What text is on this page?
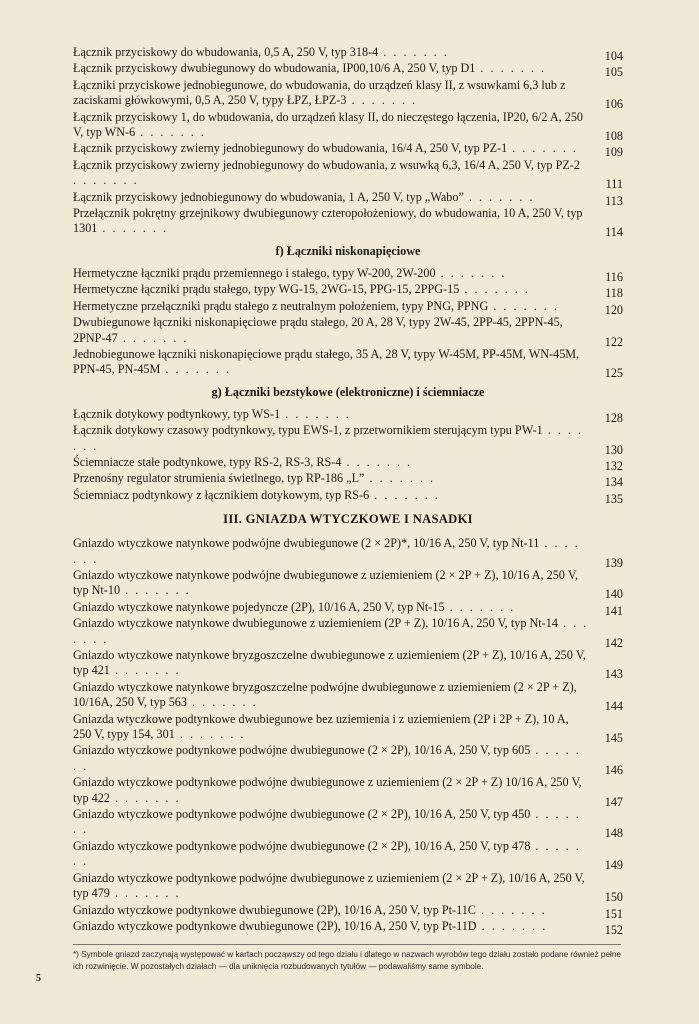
Łącznik przyciskowy do wbudowania, 0,5 A, 250 V, typ 318-4 . . . . . . .	104
Łącznik przyciskowy dwubiegunowy do wbudowania, IP00,10/6 A, 250 V, typ D1 . . . . . . .	105
Łączniki przyciskowe jednobiegunowe, do wbudowania, do urządzeń klasy II, z wsuwkami 6,3 lub z zaciskami główkowymi, 0,5 A, 250 V, typy ŁPZ, ŁPZ-3 . . . . . . .	106
Łącznik przyciskowy 1, do wbudowania, do urządzeń klasy II, do nieczęstego łączenia, IP20, 6/2 A, 250 V, typ WN-6 . . . . . . .	108
Łącznik przyciskowy zwierny jednobiegunowy do wbudowania, 16/4 A, 250 V, typ PZ-1 . . . . . . .	109
Łącznik przyciskowy zwierny jednobiegunowy do wbudowania, z wsuwką 6,3, 16/4 A, 250 V, typ PZ-2 . . . . . . .	111
Łącznik przyciskowy jednobiegunowy do wbudowania, 1 A, 250 V, typ „Wabo” . . . . . . .	113
Przełącznik pokrętny grzejnikowy dwubiegunowy czteropołożeniowy, do wbudowania, 10 A, 250 V, typ 1301 . . . . . . .	114
f) Łączniki niskonapięciowe
Hermetyczne łączniki prądu przemiennego i stałego, typy W-200, 2W-200 . . . . . . .	116
Hermetyczne łączniki prądu stałego, typy WG-15, 2WG-15, PPG-15, 2PPG-15 . . . . . . .	118
Hermetyczne przełączniki prądu stałego z neutralnym położeniem, typy PNG, PPNG . . . . . . .	120
Dwubiegunowe łączniki niskonapięciowe prądu stałego, 20 A, 28 V, typy 2W-45, 2PP-45, 2PPN-45, 2PNP-47 . . . . . . .	122
Jednobiegunowe łączniki niskonapięciowe prądu stałego, 35 A, 28 V, typy W-45M, PP-45M, WN-45M, PPN-45, PN-45M . . . . . . .	125
g) Łączniki bezstykowe (elektroniczne) i ściemniacze
Łącznik dotykowy podtynkowy, typ WS-1 . . . . . . .	128
Łącznik dotykowy czasowy podtynkowy, typu EWS-1, z przetwornikiem sterującym typu PW-1 . . . . . . .	130
Ściemniacze stałe podtynkowe, typy RS-2, RS-3, RS-4 . . . . . . .	132
Przenośny regulator strumienia świetlnego, typ RP-186 „L” . . . . . . .	134
Ściemniacz podtynkowy z łącznikiem dotykowym, typ RS-6 . . . . . . .	135
III. GNIAZDA WTYCZKOWE I NASADKI
Gniazdo wtyczkowe natynkowe podwójne dwubiegunowe (2 × 2P)*, 10/16 A, 250 V, typ Nt-11 . . . . . . .	139
Gniazdo wtyczkowe natynkowe podwójne dwubiegunowe z uziemieniem (2 × 2P + Z), 10/16 A, 250 V, typ Nt-10 . . . . . . .	140
Gniazdo wtyczkowe natynkowe pojedyncze (2P), 10/16 A, 250 V, typ Nt-15 . . . . . . .	141
Gniazdo wtyczkowe natynkowe dwubiegunowe z uziemieniem (2P + Z), 10/16 A, 250 V, typ Nt-14 . . . . . . .	142
Gniazdo wtyczkowe natynkowe bryzgoszczelne dwubiegunowe z uziemieniem (2P + Z), 10/16 A, 250 V, typ 421 . . . . . . .	143
Gniazdo wtyczkowe natynkowe bryzgoszczelne podwójne dwubiegunowe z uziemieniem (2 × 2P + Z), 10/16A, 250 V, typ 563 . . . . . . .	144
Gniazda wtyczkowe podtynkowe dwubiegunowe bez uziemienia i z uziemieniem (2P i 2P + Z), 10 A, 250 V, typy 154, 301 . . . . . . .	145
Gniazdo wtyczkowe podtynkowe podwójne dwubiegunowe (2 × 2P), 10/16 A, 250 V, typ 605 . . . . . . .	146
Gniazdo wtyczkowe podtynkowe podwójne dwubiegunowe z uziemieniem (2 × 2P + Z) 10/16 A, 250 V, typ 422 . . . . . . .	147
Gniazdo wtyczkowe podtynkowe podwójne dwubiegunowe (2 × 2P), 10/16 A, 250 V, typ 450 . . . . . . .	148
Gniazdo wtyczkowe podtynkowe podwójne dwubiegunowe (2 × 2P), 10/16 A, 250 V, typ 478 . . . . . . .	149
Gniazdo wtyczkowe podtynkowe podwójne dwubiegunowe z uziemieniem (2 × 2P + Z), 10/16 A, 250 V, typ 479 . . . . . . .	150
Gniazdo wtyczkowe podtynkowe dwubiegunowe (2P), 10/16 A, 250 V, typ Pt-11C . . . . . . .	151
Gniazdo wtyczkowe podtynkowe dwubiegunowe (2P), 10/16 A, 250 V, typ Pt-11D . . . . . . .	152
*) Symbole gniazd zaczynają występować w kartach począwszy od tego działu i dlatego w nazwach wyrobów tego działu zostało podane również pełne ich rozwinięcie. W pozostałych działach — dla uniknięcia rozbudowanych tytułów — podawaliśmy same symbole.
5
